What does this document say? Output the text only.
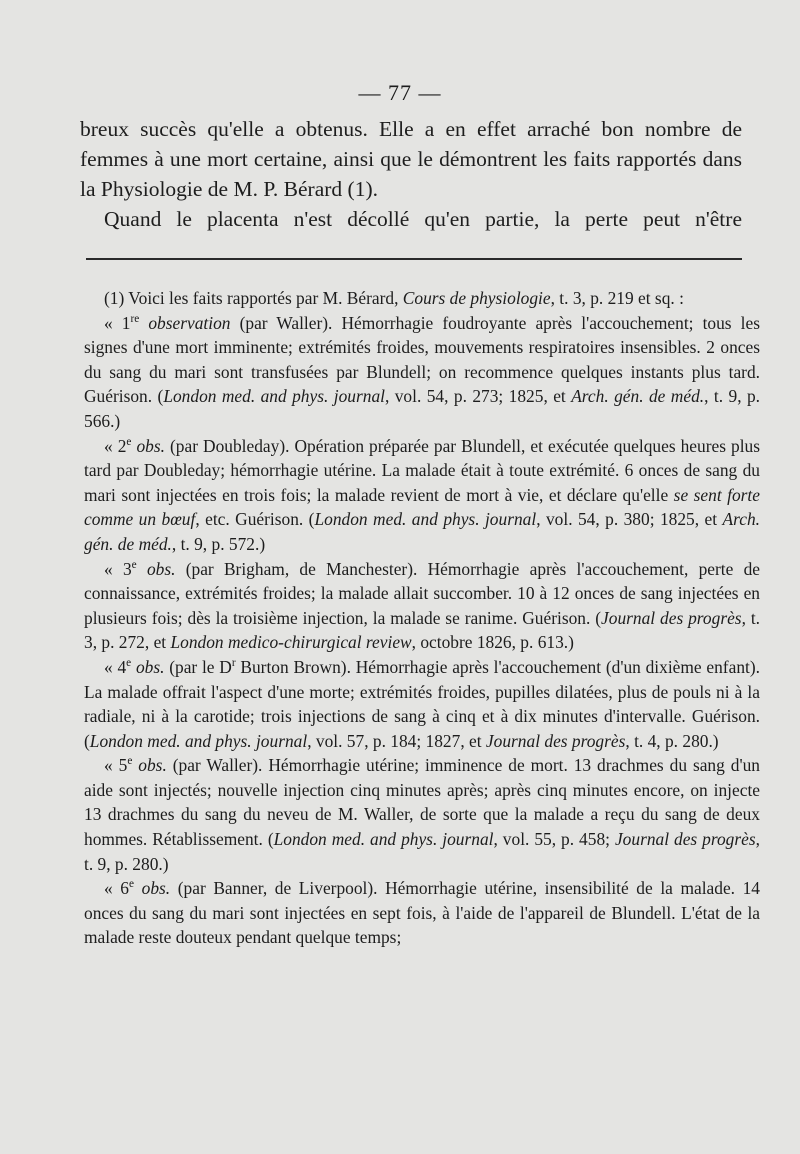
— 77 —

breux succès qu'elle a obtenus. Elle a en effet arraché bon nombre de femmes à une mort certaine, ainsi que le démontrent les faits rapportés dans la Physiologie de M. P. Bérard (1).

Quand le placenta n'est décollé qu'en partie, la perte peut n'être

(1) Voici les faits rapportés par M. Bérard, Cours de physiologie, t. 3, p. 219 et sq. :

« 1re observation (par Waller). Hémorrhagie foudroyante après l'accouchement; tous les signes d'une mort imminente; extrémités froides, mouvements respiratoires insensibles. 2 onces du sang du mari sont transfusées par Blundell; on recommence quelques instants plus tard. Guérison. (London med. and phys. journal, vol. 54, p. 273; 1825, et Arch. gén. de méd., t. 9, p. 566.)

« 2e obs. (par Doubleday). Opération préparée par Blundell, et exécutée quelques heures plus tard par Doubleday; hémorrhagie utérine. La malade était à toute extrémité. 6 onces de sang du mari sont injectées en trois fois; la malade revient de mort à vie, et déclare qu'elle se sent forte comme un bœuf, etc. Guérison. (London med. and phys. journal, vol. 54, p. 380; 1825, et Arch. gén. de méd., t. 9, p. 572.)

« 3e obs. (par Brigham, de Manchester). Hémorrhagie après l'accouchement, perte de connaissance, extrémités froides; la malade allait succomber. 10 à 12 onces de sang injectées en plusieurs fois; dès la troisième injection, la malade se ranime. Guérison. (Journal des progrès, t. 3, p. 272, et London medico-chirurgical review, octobre 1826, p. 613.)

« 4e obs. (par le $D^r$ Burton Brown). Hémorrhagie après l'accouchement (d'un dixième enfant). La malade offrait l'aspect d'une morte; extrémités froides, pupilles dilatées, plus de pouls ni à la radiale, ni à la carotide; trois injections de sang à cinq et à dix minutes d'intervalle. Guérison. (London med. and phys. journal, vol. 57, p. 184; 1827, et Journal des progrès, t. 4, p. 280.)

« 5e obs. (par Waller). Hémorrhagie utérine; imminence de mort. 13 drachmes du sang d'un aide sont injectés; nouvelle injection cinq minutes après; après cinq minutes encore, on injecte 13 drachmes du sang du neveu de M. Waller, de sorte que la malade a reçu du sang de deux hommes. Rétablissement. (London med. and phys. journal, vol. 55, p. 458; Journal des progrès, t. 9, p. 280.)

« 6e obs. (par Banner, de Liverpool). Hémorrhagie utérine, insensibilité de la malade. 14 onces du sang du mari sont injectées en sept fois, à l'aide de l'appareil de Blundell. L'état de la malade reste douteux pendant quelque temps;
